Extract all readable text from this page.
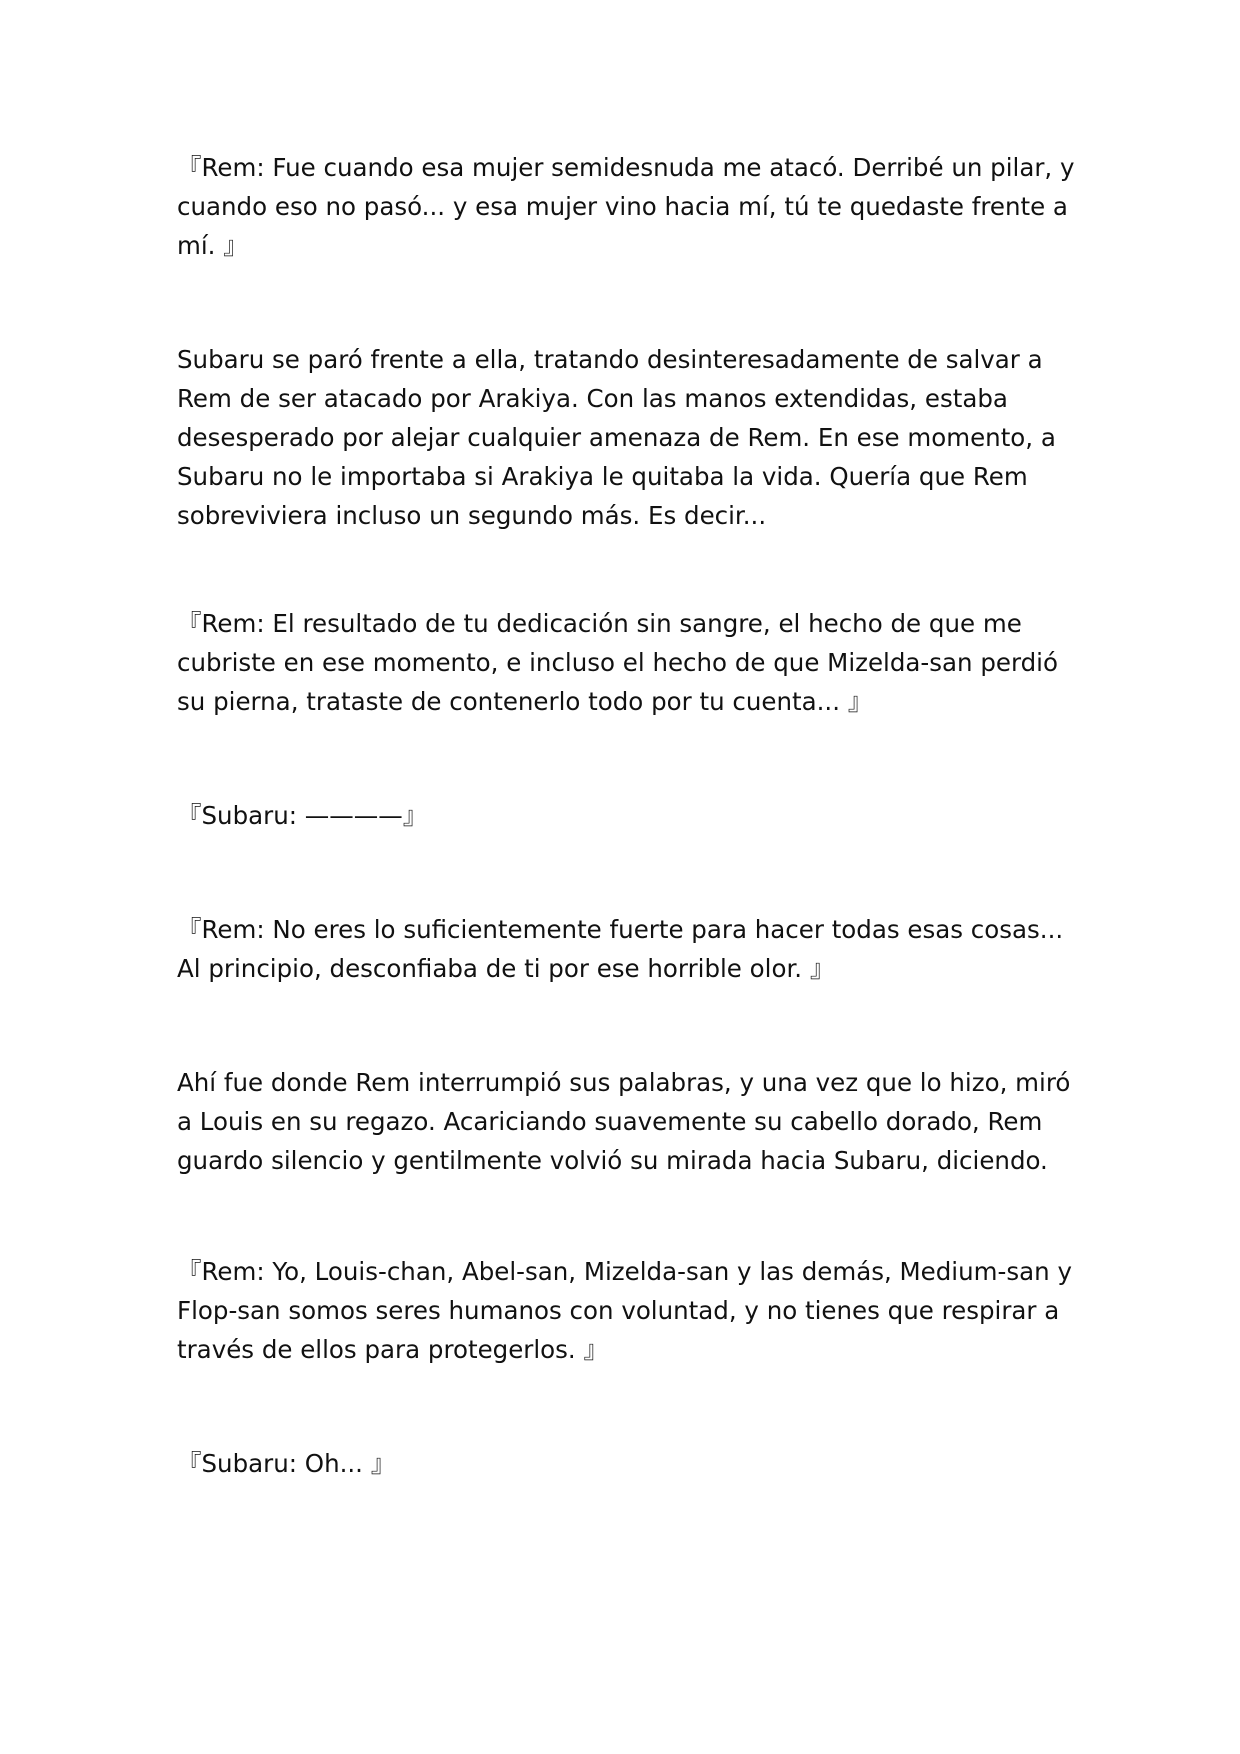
『Rem: Fue cuando esa mujer semidesnuda me atacó. Derribé un pilar, y cuando eso no pasó... y esa mujer vino hacia mí, tú te quedaste frente a mí. 』

Subaru se paró frente a ella, tratando desinteresadamente de salvar a Rem de ser atacado por Arakiya. Con las manos extendidas, estaba desesperado por alejar cualquier amenaza de Rem. En ese momento, a Subaru no le importaba si Arakiya le quitaba la vida. Quería que Rem sobreviviera incluso un segundo más. Es decir...

『Rem: El resultado de tu dedicación sin sangre, el hecho de que me cubriste en ese momento, e incluso el hecho de que Mizelda-san perdió su pierna, trataste de contenerlo todo por tu cuenta... 』

『Subaru: ————』

『Rem: No eres lo suficientemente fuerte para hacer todas esas cosas... Al principio, desconfiaba de ti por ese horrible olor. 』

Ahí fue donde Rem interrumpió sus palabras, y una vez que lo hizo, miró a Louis en su regazo. Acariciando suavemente su cabello dorado, Rem guardo silencio y gentilmente volvió su mirada hacia Subaru, diciendo.

『Rem: Yo, Louis-chan, Abel-san, Mizelda-san y las demás, Medium-san y Flop-san somos seres humanos con voluntad, y no tienes que respirar a través de ellos para protegerlos. 』

『Subaru: Oh... 』
